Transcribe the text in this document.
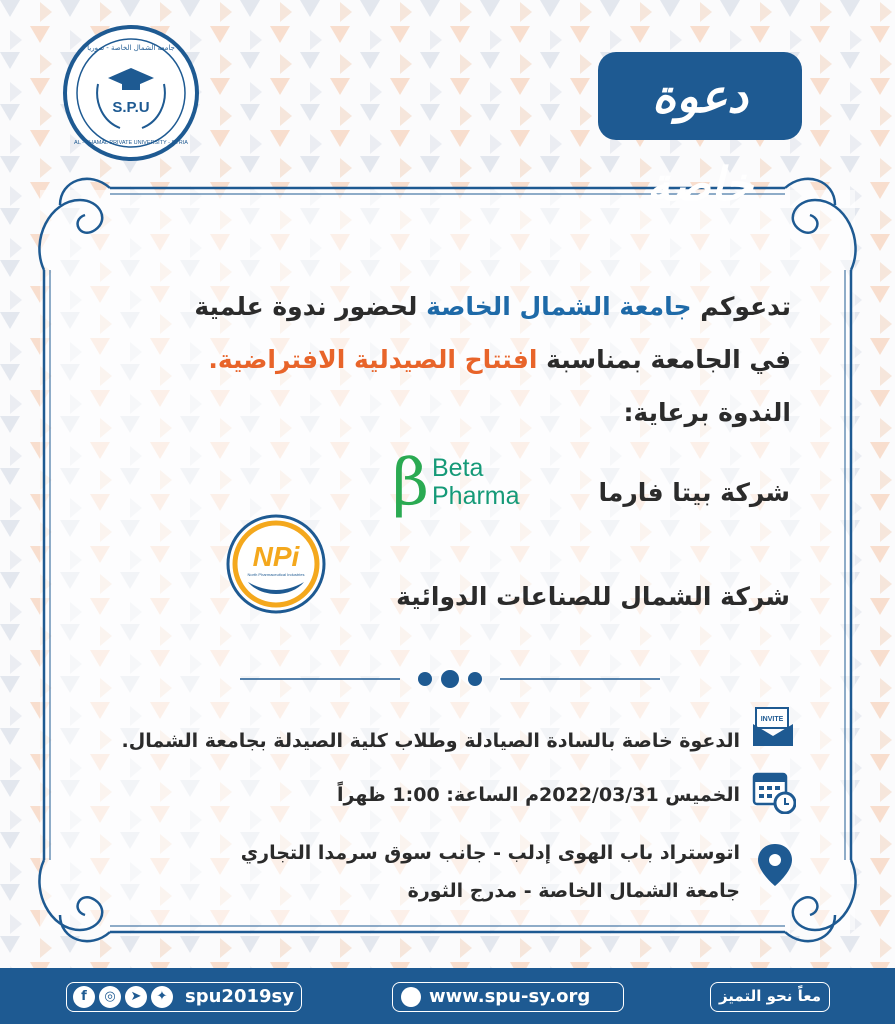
S.P.U
جامعة الشمال الخاصة - سوريا
AL - SHAMAL PRIVATE UNIVERSITY - SYRIA
دعوة خاصة
تدعوكم جامعة الشمال الخاصة لحضور ندوة علمية
في الجامعة بمناسبة افتتاح الصيدلية الافتراضية.
الندوة برعاية:
شركة بيتا فارما
β Beta
Pharma
NPi
North Pharmaceutical Industries
شركة الشمال للصناعات الدوائية
INVITE
الدعوة خاصة بالسادة الصيادلة وطلاب كلية الصيدلة بجامعة الشمال.
الخميس 2022/03/31م الساعة: 1:00 ظهراً
اتوستراد باب الهوى إدلب - جانب سوق سرمدا التجاري
جامعة الشمال الخاصة - مدرج الثورة
f	◎	➤	✦ spu2019sy	www.spu-sy.org	معاً نحو التميز
